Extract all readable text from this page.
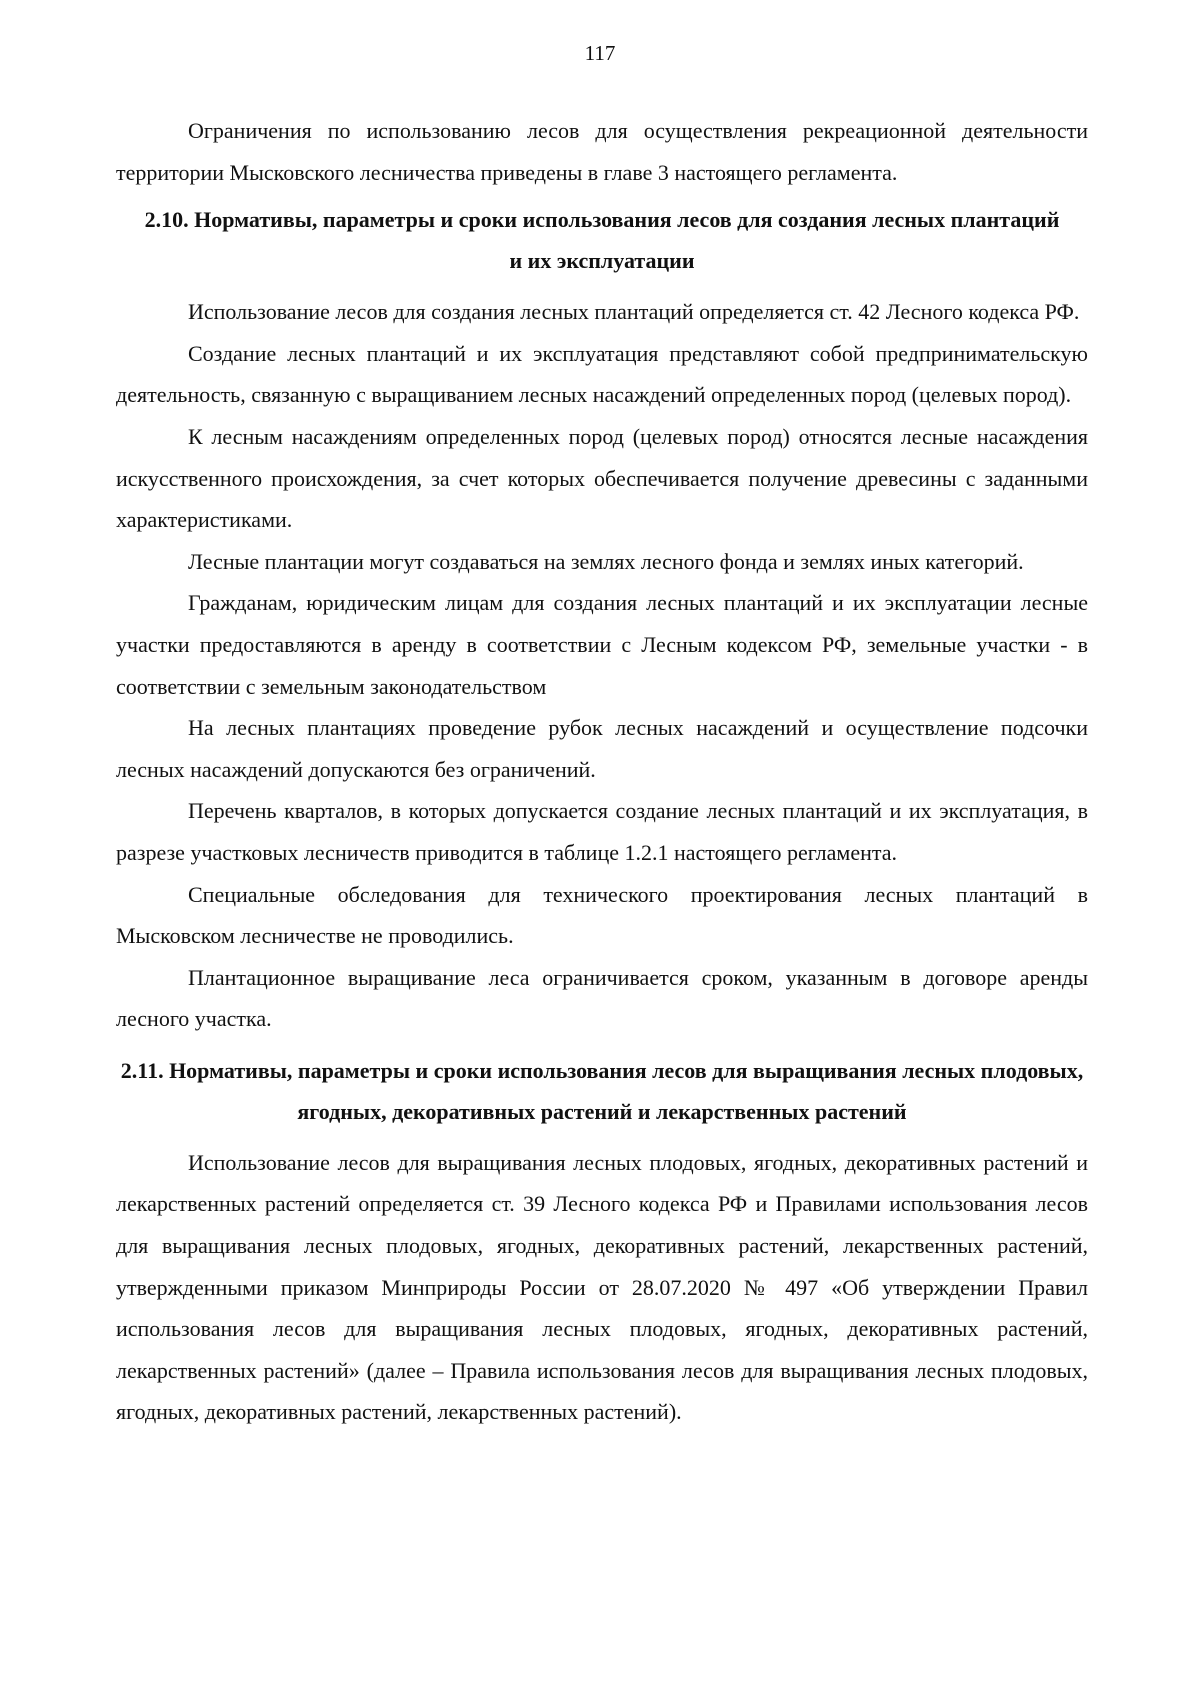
117

Ограничения по использованию лесов для осуществления рекреационной деятельности территории Мысковского лесничества приведены в главе 3 настоящего регламента.

2.10. Нормативы, параметры и сроки использования лесов для создания лесных плантаций и их эксплуатации

Использование лесов для создания лесных плантаций определяется ст. 42 Лесного кодекса РФ.

Создание лесных плантаций и их эксплуатация представляют собой предпринимательскую деятельность, связанную с выращиванием лесных насаждений определенных пород (целевых пород).

К лесным насаждениям определенных пород (целевых пород) относятся лесные насаждения искусственного происхождения, за счет которых обеспечивается получение древесины с заданными характеристиками.

Лесные плантации могут создаваться на землях лесного фонда и землях иных категорий.

Гражданам, юридическим лицам для создания лесных плантаций и их эксплуатации лесные участки предоставляются в аренду в соответствии с Лесным кодексом РФ, земельные участки - в соответствии с земельным законодательством

На лесных плантациях проведение рубок лесных насаждений и осуществление подсочки лесных насаждений допускаются без ограничений.

Перечень кварталов, в которых допускается создание лесных плантаций и их эксплуатация, в разрезе участковых лесничеств приводится в таблице 1.2.1 настоящего регламента.

Специальные обследования для технического проектирования лесных плантаций в Мысковском лесничестве не проводились.

Плантационное выращивание леса ограничивается сроком, указанным в договоре аренды лесного участка.

2.11. Нормативы, параметры и сроки использования лесов для выращивания лесных плодовых, ягодных, декоративных растений и лекарственных растений

Использование лесов для выращивания лесных плодовых, ягодных, декоративных растений и лекарственных растений определяется ст. 39 Лесного кодекса РФ и Правилами использования лесов для выращивания лесных плодовых, ягодных, декоративных растений, лекарственных растений, утвержденными приказом Минприроды России от 28.07.2020 № 497 «Об утверждении Правил использования лесов для выращивания лесных плодовых, ягодных, декоративных растений, лекарственных растений» (далее – Правила использования лесов для выращивания лесных плодовых, ягодных, декоративных растений, лекарственных растений).
